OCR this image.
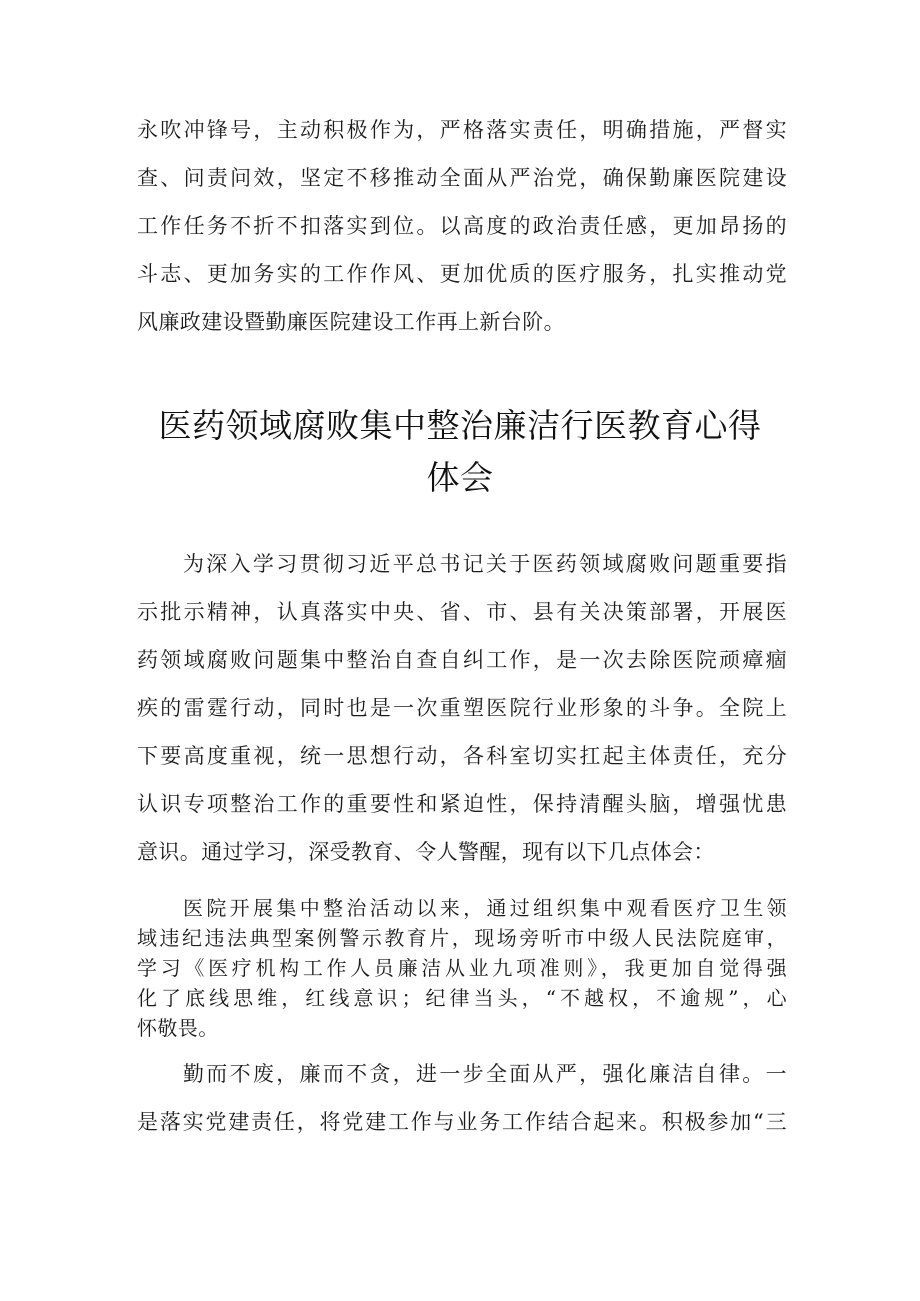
永吹冲锋号，主动积极作为，严格落实责任，明确措施，严督实
查、问责问效，坚定不移推动全面从严治党，确保勤廉医院建设
工作任务不折不扣落实到位。以高度的政治责任感，更加昂扬的
斗志、更加务实的工作作风、更加优质的医疗服务，扎实推动党
风廉政建设暨勤廉医院建设工作再上新台阶。
医药领域腐败集中整治廉洁行医教育心得
体会
为深入学习贯彻习近平总书记关于医药领域腐败问题重要指
示批示精神，认真落实中央、省、市、县有关决策部署，开展医
药领域腐败问题集中整治自查自纠工作，是一次去除医院顽瘴痼
疾的雷霆行动，同时也是一次重塑医院行业形象的斗争。全院上
下要高度重视，统一思想行动，各科室切实扛起主体责任，充分
认识专项整治工作的重要性和紧迫性，保持清醒头脑，增强忧患
意识。通过学习，深受教育、令人警醒，现有以下几点体会：
医院开展集中整治活动以来，通过组织集中观看医疗卫生领
域违纪违法典型案例警示教育片，现场旁听市中级人民法院庭审，
学习《医疗机构工作人员廉洁从业九项准则》，我更加自觉得强
化了底线思维，红线意识；纪律当头，“不越权，不逾规”，心
怀敬畏。
勤而不废，廉而不贪，进一步全面从严，强化廉洁自律。一
是落实党建责任，将党建工作与业务工作结合起来。积极参加“三
